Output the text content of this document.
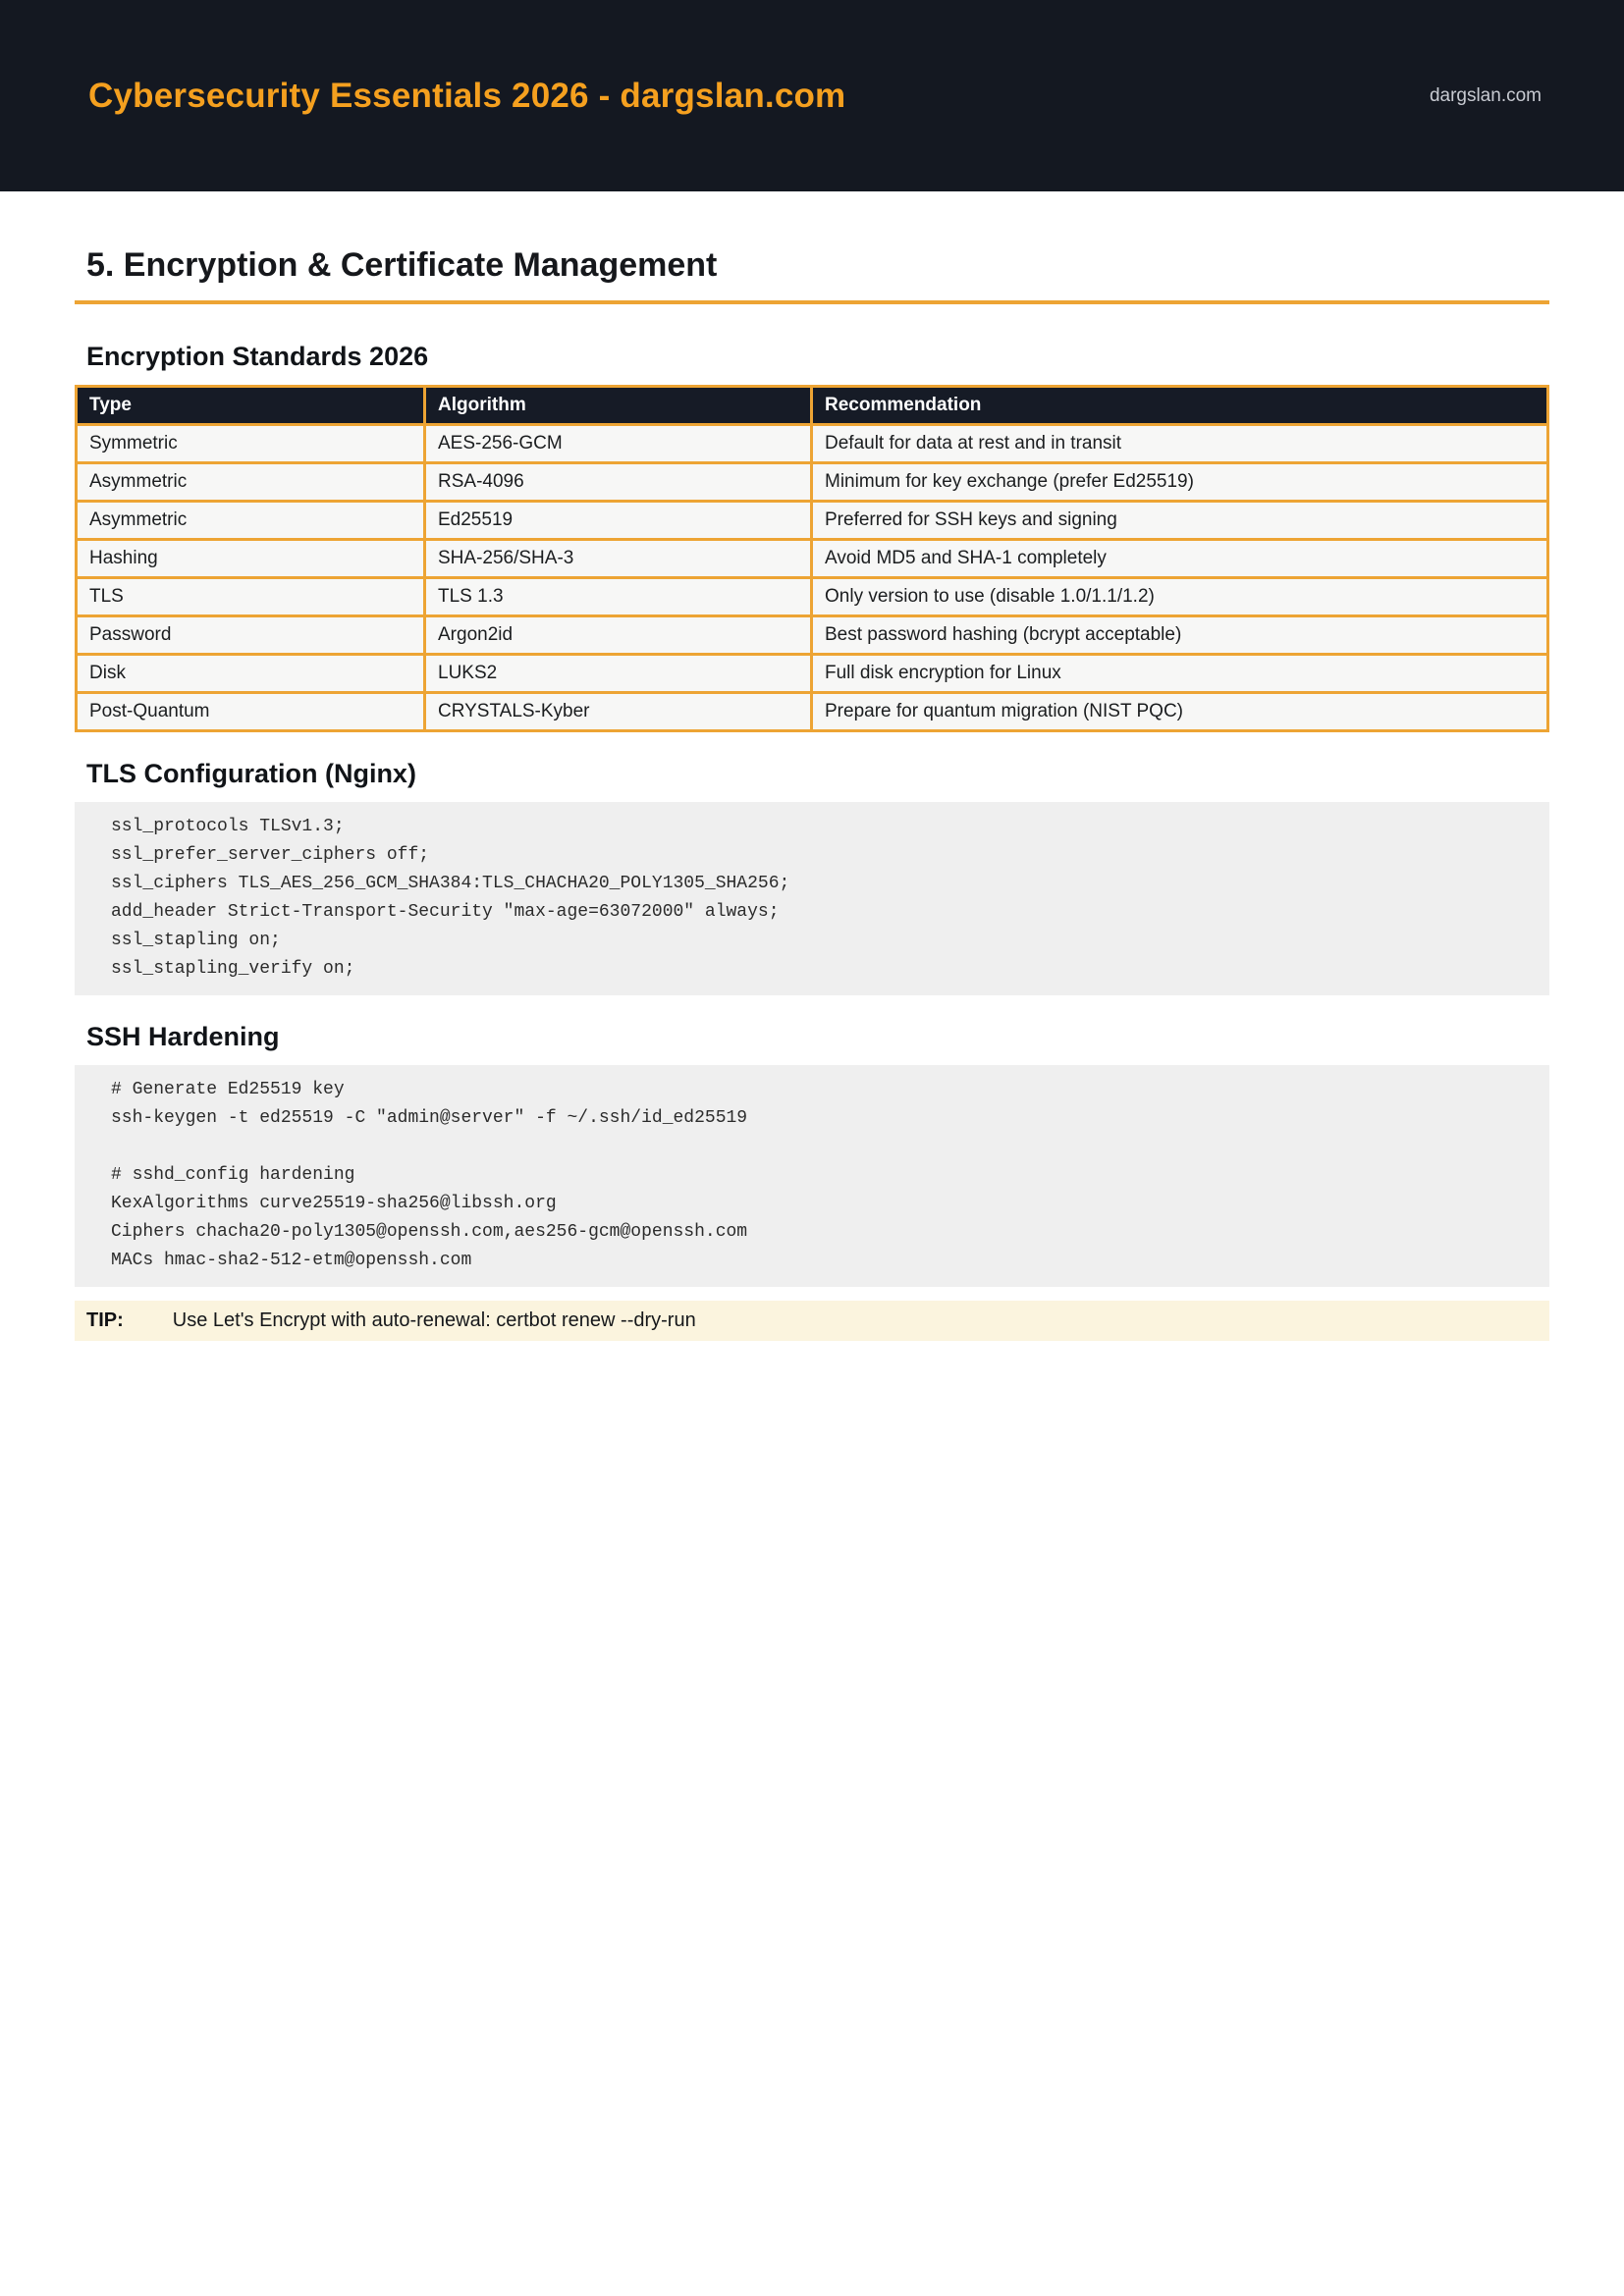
Cybersecurity Essentials 2026 - dargslan.com	dargslan.com
5. Encryption & Certificate Management
Encryption Standards 2026
Type	Algorithm	Recommendation
Symmetric	AES-256-GCM	Default for data at rest and in transit
Asymmetric	RSA-4096	Minimum for key exchange (prefer Ed25519)
Asymmetric	Ed25519	Preferred for SSH keys and signing
Hashing	SHA-256/SHA-3	Avoid MD5 and SHA-1 completely
TLS	TLS 1.3	Only version to use (disable 1.0/1.1/1.2)
Password	Argon2id	Best password hashing (bcrypt acceptable)
Disk	LUKS2	Full disk encryption for Linux
Post-Quantum	CRYSTALS-Kyber	Prepare for quantum migration (NIST PQC)
TLS Configuration (Nginx)
ssl_protocols TLSv1.3;
ssl_prefer_server_ciphers off;
ssl_ciphers TLS_AES_256_GCM_SHA384:TLS_CHACHA20_POLY1305_SHA256;
add_header Strict-Transport-Security "max-age=63072000" always;
ssl_stapling on;
ssl_stapling_verify on;
SSH Hardening
# Generate Ed25519 key
ssh-keygen -t ed25519 -C "admin@server" -f ~/.ssh/id_ed25519
# sshd_config hardening
KexAlgorithms curve25519-sha256@libssh.org
Ciphers chacha20-poly1305@openssh.com,aes256-gcm@openssh.com
MACs hmac-sha2-512-etm@openssh.com
TIP:	Use Let's Encrypt with auto-renewal: certbot renew --dry-run
